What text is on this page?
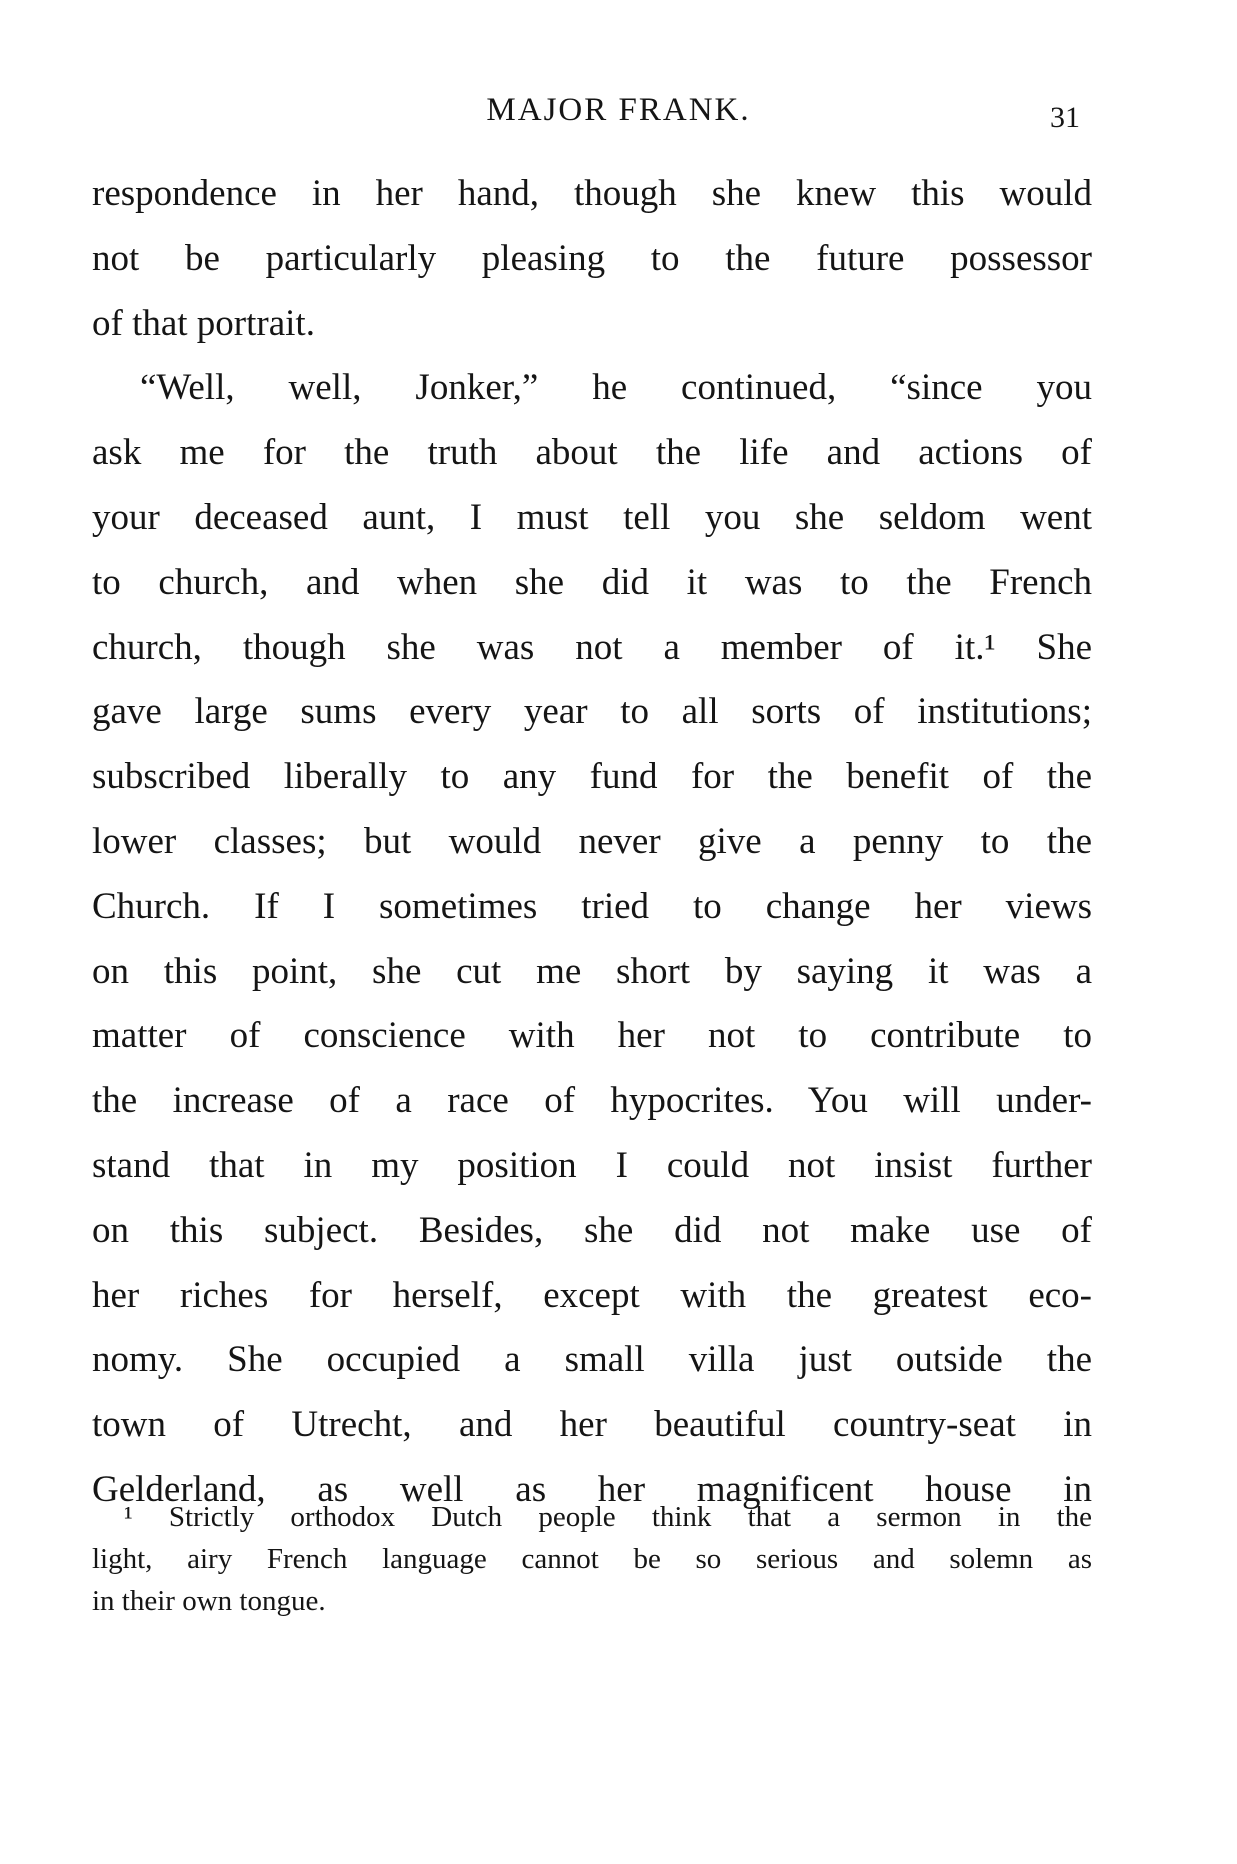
MAJOR FRANK.	31
respondence in her hand, though she knew this would
not be particularly pleasing to the future possessor
of that portrait.
“Well, well, Jonker,” he continued, “since you
ask me for the truth about the life and actions of
your deceased aunt, I must tell you she seldom went
to church, and when she did it was to the French
church, though she was not a member of it.¹ She
gave large sums every year to all sorts of institutions;
subscribed liberally to any fund for the benefit of the
lower classes; but would never give a penny to the
Church. If I sometimes tried to change her views
on this point, she cut me short by saying it was a
matter of conscience with her not to contribute to
the increase of a race of hypocrites. You will under-
stand that in my position I could not insist further
on this subject. Besides, she did not make use of
her riches for herself, except with the greatest eco-
nomy. She occupied a small villa just outside the
town of Utrecht, and her beautiful country-seat in
Gelderland, as well as her magnificent house in
¹ Strictly orthodox Dutch people think that a sermon in the
light, airy French language cannot be so serious and solemn as
in their own tongue.
